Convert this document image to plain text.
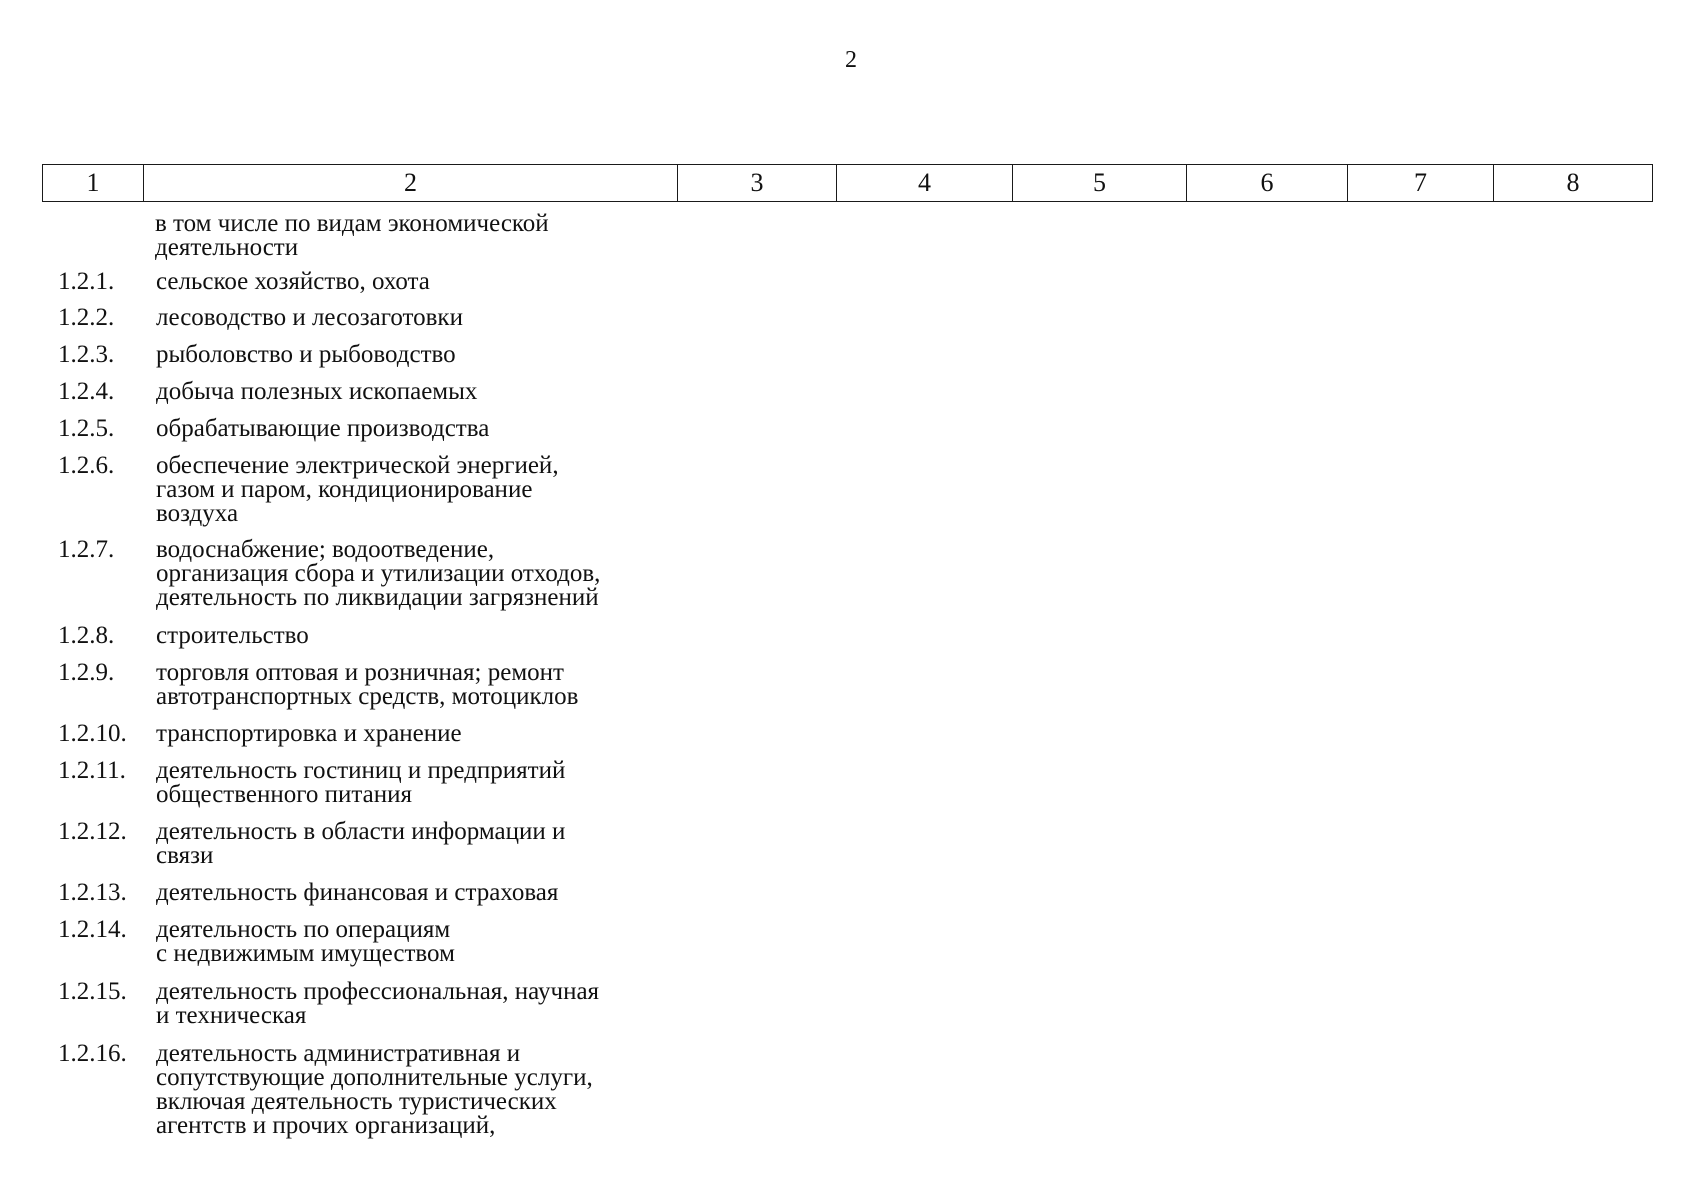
2
1	2	3	4	5	6	7	8
в том числе по видам экономической
деятельности
1.2.1.	сельское хозяйство, охота
1.2.2.	лесоводство и лесозаготовки
1.2.3.	рыболовство и рыбоводство
1.2.4.	добыча полезных ископаемых
1.2.5.	обрабатывающие производства
1.2.6.	обеспечение электрической энергией,
газом и паром, кондиционирование
воздуха
1.2.7.	водоснабжение; водоотведение,
организация сбора и утилизации отходов,
деятельность по ликвидации загрязнений
1.2.8.	строительство
1.2.9.	торговля оптовая и розничная; ремонт
автотранспортных средств, мотоциклов
1.2.10.	транспортировка и хранение
1.2.11.	деятельность гостиниц и предприятий
общественного питания
1.2.12.	деятельность в области информации и
связи
1.2.13.	деятельность финансовая и страховая
1.2.14.	деятельность по операциям
с недвижимым имуществом
1.2.15.	деятельность профессиональная, научная
и техническая
1.2.16.	деятельность административная и
сопутствующие дополнительные услуги,
включая деятельность туристических
агентств и прочих организаций,
